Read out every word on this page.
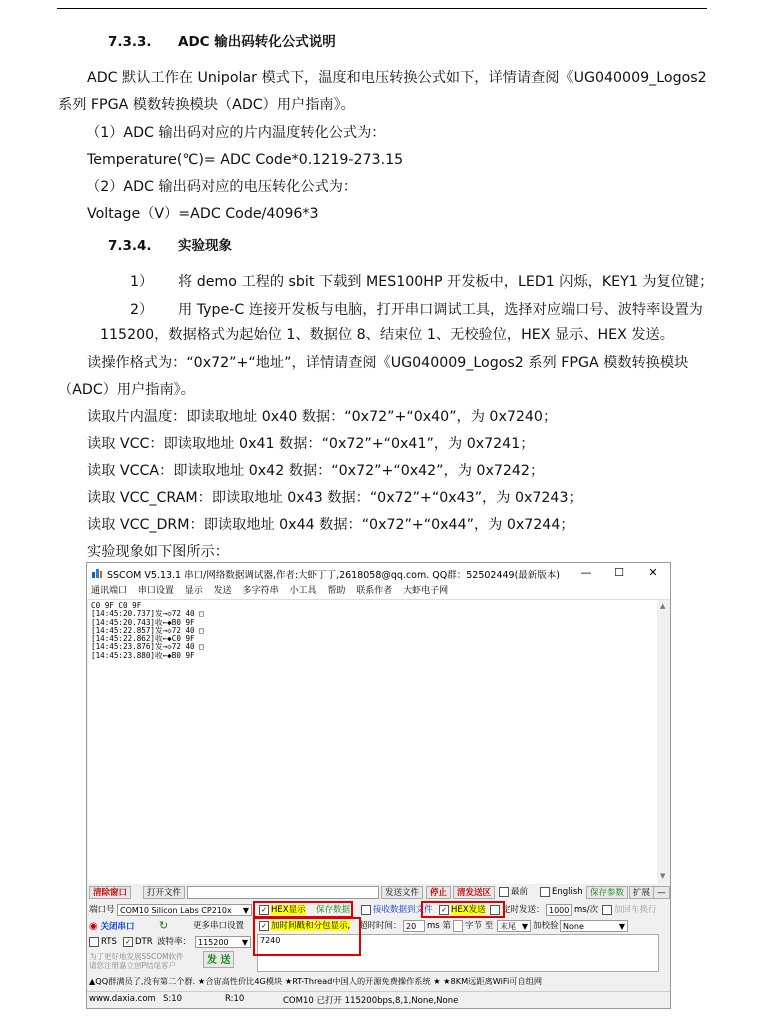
7.3.3. ADC 输出码转化公式说明
ADC 默认工作在 Unipolar 模式下，温度和电压转换公式如下，详情请查阅《UG040009_Logos2
系列 FPGA 模数转换模块（ADC）用户指南》。
（1）ADC 输出码对应的片内温度转化公式为：
Temperature(℃)= ADC Code*0.1219-273.15
（2）ADC 输出码对应的电压转化公式为：
Voltage（V）=ADC Code/4096*3
7.3.4. 实验现象
1） 将 demo 工程的 sbit 下载到 MES100HP 开发板中，LED1 闪烁，KEY1 为复位键；
2） 用 Type-C 连接开发板与电脑，打开串口调试工具，选择对应端口号、波特率设置为
115200，数据格式为起始位 1、数据位 8、结束位 1、无校验位，HEX 显示、HEX 发送。
读操作格式为：“0x72”+“地址”，详情请查阅《UG040009_Logos2 系列 FPGA 模数转换模块
（ADC）用户指南》。
读取片内温度：即读取地址 0x40 数据：“0x72”+“0x40”，为 0x7240；
读取 VCC：即读取地址 0x41 数据：“0x72”+“0x41”，为 0x7241；
读取 VCCA：即读取地址 0x42 数据：“0x72”+“0x42”，为 0x7242；
读取 VCC_CRAM：即读取地址 0x43 数据：“0x72”+“0x43”，为 0x7243；
读取 VCC_DRM：即读取地址 0x44 数据：“0x72”+“0x44”，为 0x7244；
实验现象如下图所示：
SSCOM V5.13.1 串口/网络数据调试器,作者:大虾丁丁,2618058@qq.com. QQ群：52502449(最新版本)	—	☐	✕
通讯端口 串口设置 显示 发送 多字符串 小工具 帮助 联系作者 大虾电子网
C0 9F C0 9F
[14:45:20.737]发→◇72 40 □
[14:45:20.743]收←◆B0 9F
[14:45:22.857]发→◇72 40 □
[14:45:22.862]收←◆C0 9F
[14:45:23.876]发→◇72 40 □
[14:45:23.880]收←◆B0 9F
▲
▼
清除窗口	打开文件	发送文件	停止	清发送区	最前	English 保存参数	扩展 —
端口号 COM10 Silicon Labs CP210x ▼ ✓ HEX显示 保存数据	接收数据到文件 ✓ HEX发送	定时发送： 1000 ms/次	加回车换行
◉ 关闭串口 ↻	更多串口设置 ✓ 加时间戳和分包显示, 超时时间： 20	ms 第 字节 至 末尾 ▼ 加校验 None	▼
RTS ✓ DTR 波特率： 115200 ▼	7240
为了更好地发展SSCOM软件
请您注册嘉立创P结尾客户	发 送
▲QQ群满员了,没有第二个群. ★合宙高性价比4G模块 ★RT-Thread中国人的开源免费操作系统 ★ ★8KM远距离WiFi可自组网
www.daxia.com S:10	R:10	COM10 已打开 115200bps,8,1,None,None
